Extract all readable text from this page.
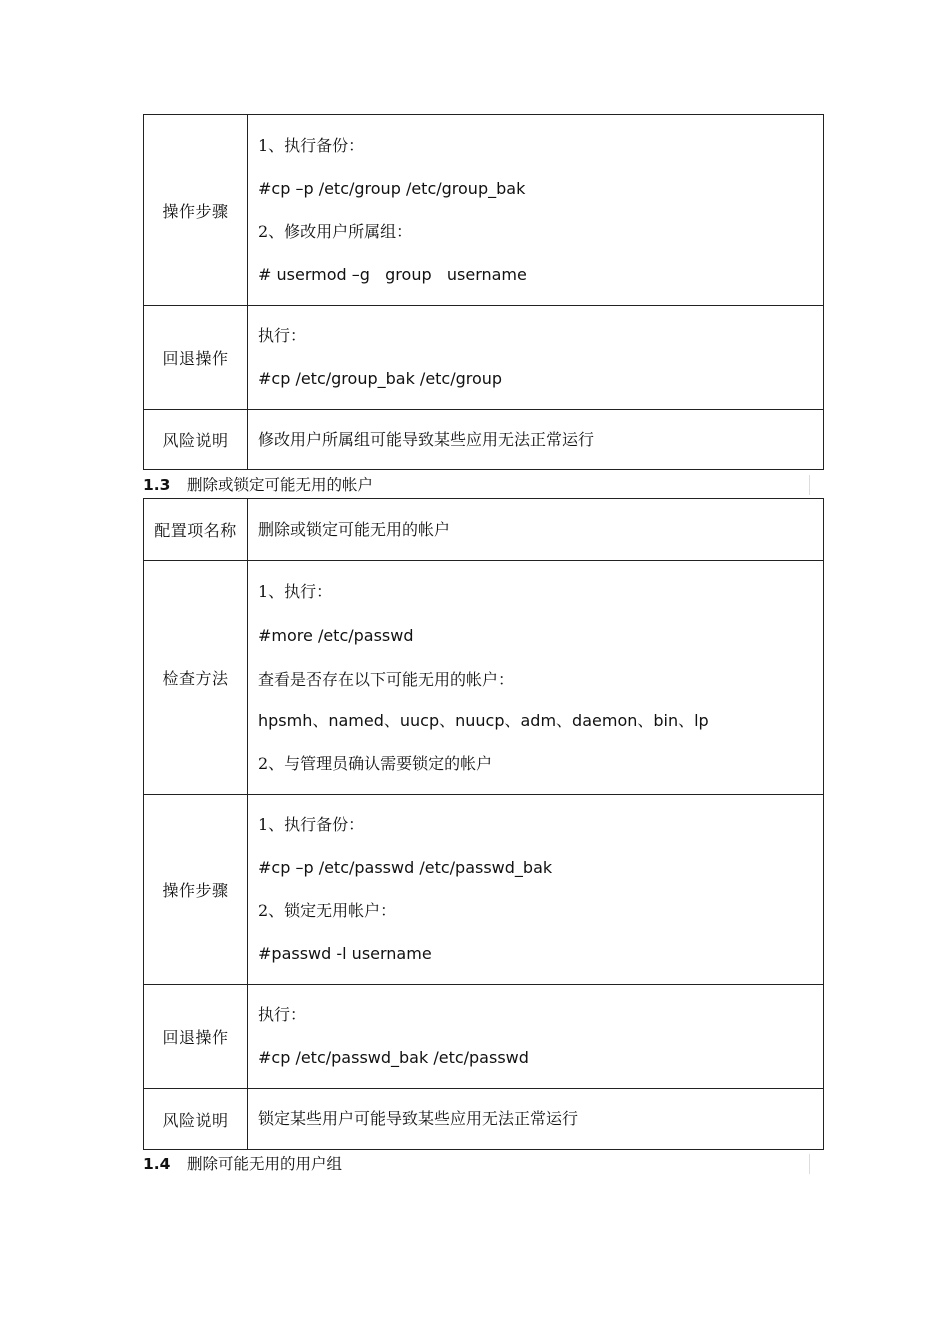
操作步骤	1、执行备份：
#cp –p /etc/group /etc/group_bak
2、修改用户所属组：
# usermod –g   group   username

回退操作	执行：
#cp /etc/group_bak /etc/group

风险说明	修改用户所属组可能导致某些应用无法正常运行
1.3 删除或锁定可能无用的帐户
配置项名称	删除或锁定可能无用的帐户

检查方法	1、执行：
#more /etc/passwd
查看是否存在以下可能无用的帐户：
hpsmh、named、uucp、nuucp、adm、daemon、bin、lp
2、与管理员确认需要锁定的帐户

操作步骤	1、执行备份：
#cp –p /etc/passwd /etc/passwd_bak
2、锁定无用帐户：
#passwd -l username

回退操作	执行：
#cp /etc/passwd_bak /etc/passwd

风险说明	锁定某些用户可能导致某些应用无法正常运行
1.4 删除可能无用的用户组
